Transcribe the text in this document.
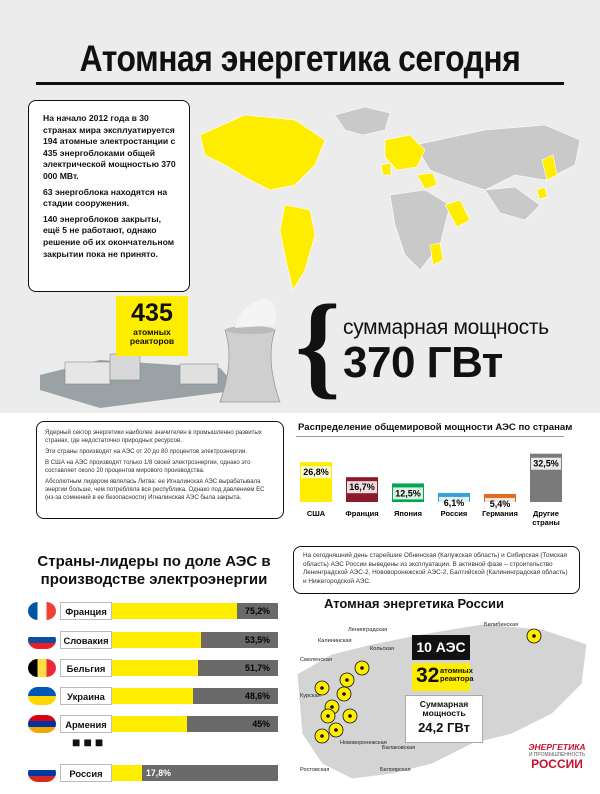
Атомная энергетика сегодня

На начало 2012 года в 30 странах мира эксплуатируется 194 атомные электростанции с 435 энергоблоками общей электрической мощностью 370 000 МВт.

63 энергоблока находятся на стадии сооружения.

140 энергоблоков закрыты, ещё 5 не работают, однако решение об их окончательном закрытии пока не принято.

435
атомных реакторов { суммарная мощность
370 ГВт

Ядерный сектор энергетики наиболее значителен в промышленно развитых странах, где недостаточно природных ресурсов.

Эти страны производят на АЭС от 20 до 80 процентов электроэнергии.

В США на АЭС производят только 1/8 своей электроэнергии, однако это составляет около 20 процентов мирового производства.

Абсолютным лидером являлась Литва: ее Игналинская АЭС вырабатывала энергии больше, чем потребляла вся республика. Однако под давлением ЕС (из-за сомнений в ее безопасности) Игналинская АЭС была закрыта.

Распределение общемировой мощности АЭС по странам
26,8%
США
16,7%
Франция
12,5%
Япония
6,1%
Россия
5,4%
Германия
32,5%
Другие
страны
Страны-лидеры по доле АЭС в производстве электроэнергии
Франция	75,2%
Словакия	53,5%
Бельгия	51,7%
Украина	48,6%
Армения	45%
Россия	17,8%
■■■
На сегодняшний день старейшие Обнинская (Калужская область) и Сибирская (Томская область) АЭС России выведены из эксплуатации. В активной фазе – строительство Ленинградской АЭС-2, Нововоронежской АЭС-2, Балтийской (Калининградская область) и Нижегородской АЭС.
Атомная энергетика России
Билибинская
Ленинградская
Калининская
Кольская
Смоленская
Курская
Нововоронежская
Ростовская
Балаковская
Белоярская
10 АЭС
32 атомных реактора
Суммарная мощность
24,2 ГВт
ЭНЕРГЕТИКА
И ПРОМЫШЛЕННОСТЬ
РОССИИ
